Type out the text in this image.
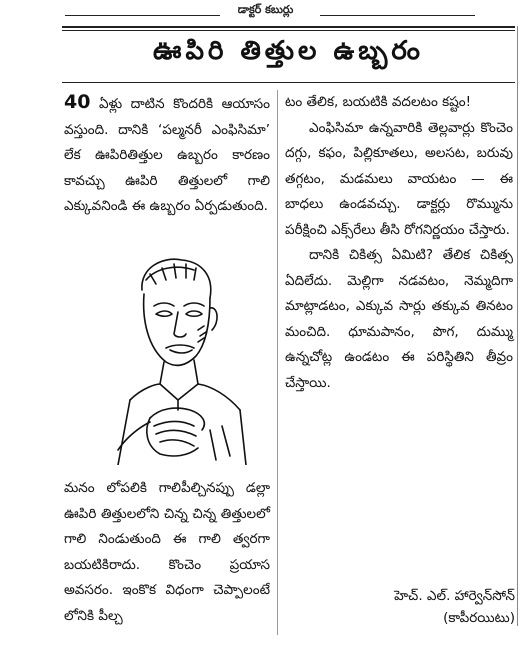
డాక్టర్ కబుర్లు
ఊపిరి తిత్తుల ఉబ్బరం

40 ఏళ్లు దాటిన కొందరికి ఆయాసం వస్తుంది. దానికి ‘పల్మనరీ ఎంఫిసిమా’ లేక ఊపిరితిత్తుల ఉబ్బరం కారణం కావచ్చు ఊపిరి తిత్తులలో గాలి ఎక్కువనిండి ఈ ఉబ్బరం ఏర్పడుతుంది.

మనం లోపలికి గాలిపీల్చినప్పు డల్లా ఊపిరి తిత్తులలోని చిన్న చిన్న తిత్తులలో గాలి నిండుతుంది ఈ గాలి త్వరగా బయటికిరాదు. కొంచెం ప్రయాస అవసరం. ఇంకొక విధంగా చెప్పాలంటే లోనికి పీల్చ

టం తేలిక, బయటికి వదలటం కష్టం!

ఎంఫిసిమా ఉన్నవారికి తెల్లవార్లు కొంచెం దగ్గు, కఫం, పిల్లికూతలు, అలసట, బరువు తగ్గటం, మడమలు వాయటం — ఈ బాధలు ఉండవచ్చు. డాక్టర్లు రొమ్మును పరీక్షించి ఎక్స్‌రేలు తీసి రోగనిర్ణయం చేస్తారు.

దానికి చికిత్స ఏమిటి? తేలిక చికిత్స ఏదిలేదు. మెల్లిగా నడవటం, నెమ్మదిగా మాట్లాడటం, ఎక్కువ సార్లు తక్కువ తినటం మంచిది. ధూమపానం, పొగ, దుమ్ము ఉన్నచోట్ల ఉండటం ఈ పరిస్థితిని తీవ్రం చేస్తాయి.

హెచ్. ఎల్. హార్వెన్‌సోన్
(కాపీరయిటు)
